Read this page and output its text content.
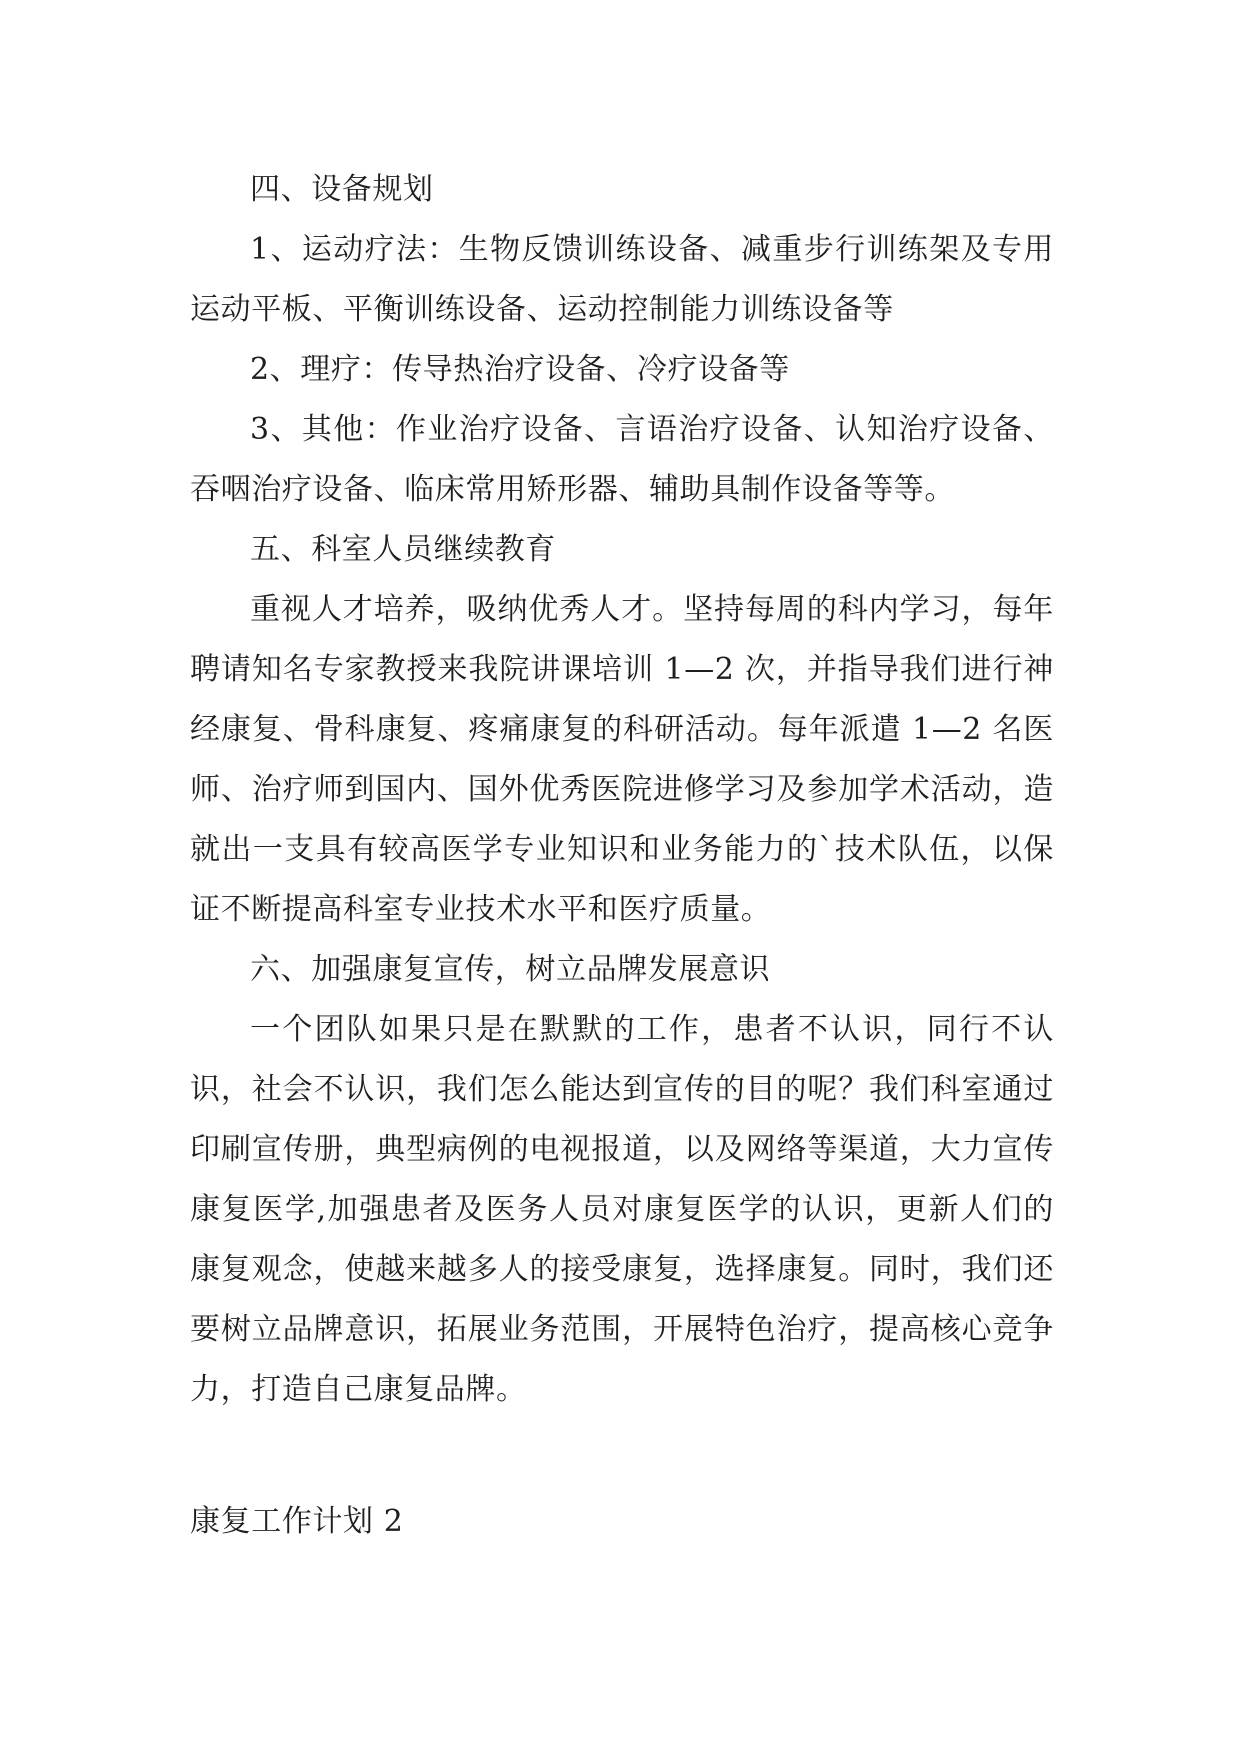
四、设备规划

1、运动疗法：生物反馈训练设备、减重步行训练架及专用运动平板、平衡训练设备、运动控制能力训练设备等

2、理疗：传导热治疗设备、冷疗设备等

3、其他：作业治疗设备、言语治疗设备、认知治疗设备、吞咽治疗设备、临床常用矫形器、辅助具制作设备等等。

五、科室人员继续教育

重视人才培养，吸纳优秀人才。坚持每周的科内学习，每年聘请知名专家教授来我院讲课培训 1—2 次，并指导我们进行神经康复、骨科康复、疼痛康复的科研活动。每年派遣 1—2 名医师、治疗师到国内、国外优秀医院进修学习及参加学术活动，造就出一支具有较高医学专业知识和业务能力的`技术队伍，以保证不断提高科室专业技术水平和医疗质量。

六、加强康复宣传，树立品牌发展意识

一个团队如果只是在默默的工作，患者不认识，同行不认识，社会不认识，我们怎么能达到宣传的目的呢？我们科室通过印刷宣传册，典型病例的电视报道，以及网络等渠道，大力宣传康复医学,加强患者及医务人员对康复医学的认识，更新人们的康复观念，使越来越多人的接受康复，选择康复。同时，我们还要树立品牌意识，拓展业务范围，开展特色治疗，提高核心竞争力，打造自己康复品牌。

康复工作计划 2
